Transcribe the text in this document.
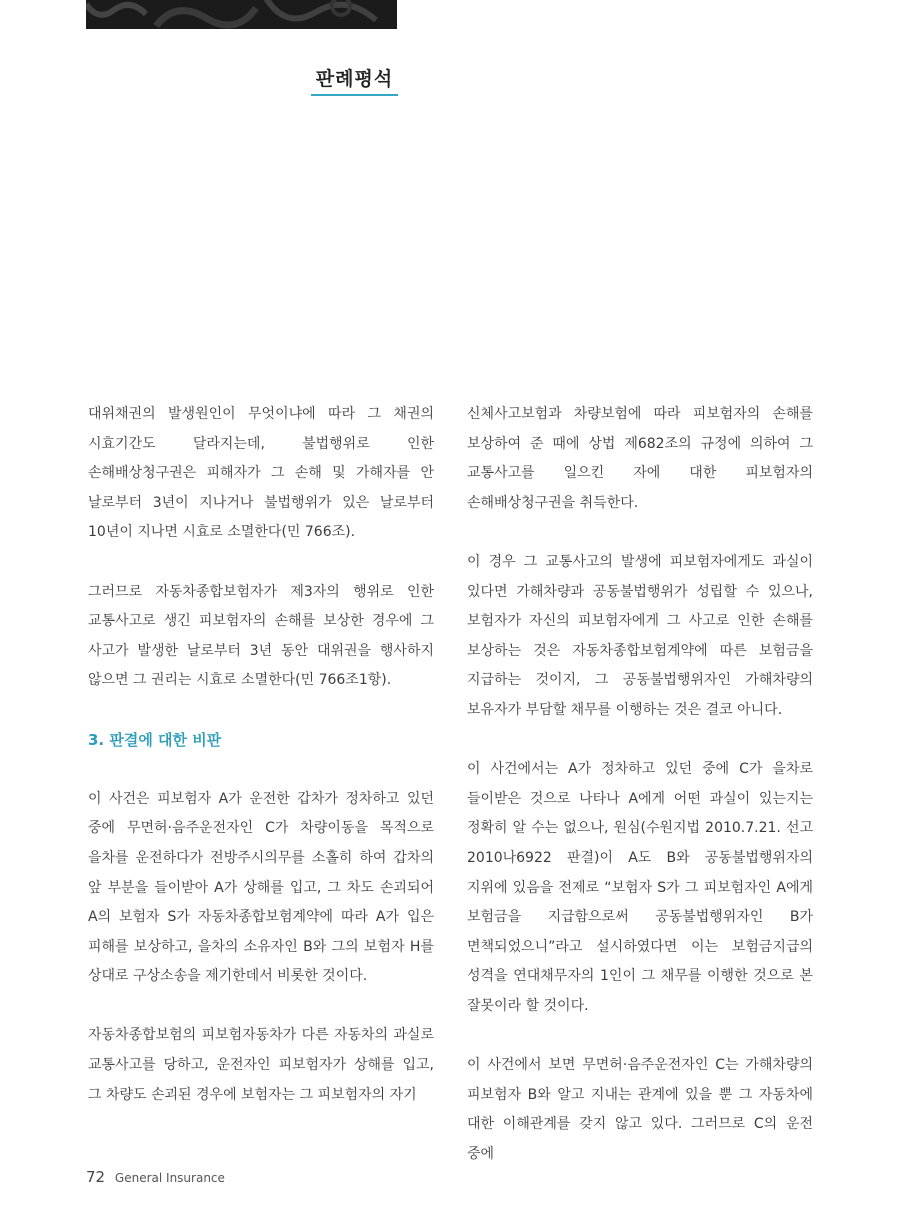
판례평석

대위채권의 발생원인이 무엇이냐에 따라 그 채권의 시효기간도 달라지는데, 불법행위로 인한 손해배상청구권은 피해자가 그 손해 및 가해자를 안 날로부터 3년이 지나거나 불법행위가 있은 날로부터 10년이 지나면 시효로 소멸한다(민 766조).

그러므로 자동차종합보험자가 제3자의 행위로 인한 교통사고로 생긴 피보험자의 손해를 보상한 경우에 그 사고가 발생한 날로부터 3년 동안 대위권을 행사하지 않으면 그 권리는 시효로 소멸한다(민 766조1항).

3. 판결에 대한 비판

이 사건은 피보험자 A가 운전한 갑차가 정차하고 있던 중에 무면허·음주운전자인 C가 차량이동을 목적으로 을차를 운전하다가 전방주시의무를 소홀히 하여 갑차의 앞 부분을 들이받아 A가 상해를 입고, 그 차도 손괴되어 A의 보험자 S가 자동차종합보험계약에 따라 A가 입은 피해를 보상하고, 을차의 소유자인 B와 그의 보험자 H를 상대로 구상소송을 제기한데서 비롯한 것이다.

자동차종합보험의 피보험자동차가 다른 자동차의 과실로 교통사고를 당하고, 운전자인 피보험자가 상해를 입고, 그 차량도 손괴된 경우에 보험자는 그 피보험자의 자기

신체사고보험과 차량보험에 따라 피보험자의 손해를 보상하여 준 때에 상법 제682조의 규정에 의하여 그 교통사고를 일으킨 자에 대한 피보험자의 손해배상청구권을 취득한다.

이 경우 그 교통사고의 발생에 피보험자에게도 과실이 있다면 가해차량과 공동불법행위가 성립할 수 있으나, 보험자가 자신의 피보험자에게 그 사고로 인한 손해를 보상하는 것은 자동차종합보험계약에 따른 보험금을 지급하는 것이지, 그 공동불법행위자인 가해차량의 보유자가 부담할 채무를 이행하는 것은 결코 아니다.

이 사건에서는 A가 정차하고 있던 중에 C가 을차로 들이받은 것으로 나타나 A에게 어떤 과실이 있는지는 정확히 알 수는 없으나, 원심(수원지법 2010.7.21. 선고 2010나6922 판결)이 A도 B와 공동불법행위자의 지위에 있음을 전제로 “보험자 S가 그 피보험자인 A에게 보험금을 지급함으로써 공동불법행위자인 B가 면책되었으니”라고 설시하였다면 이는 보험금지급의 성격을 연대채무자의 1인이 그 채무를 이행한 것으로 본 잘못이라 할 것이다.

이 사건에서 보면 무면허·음주운전자인 C는 가해차량의 피보험자 B와 알고 지내는 관계에 있을 뿐 그 자동차에 대한 이해관계를 갖지 않고 있다. 그러므로 C의 운전 중에

72 General Insurance
